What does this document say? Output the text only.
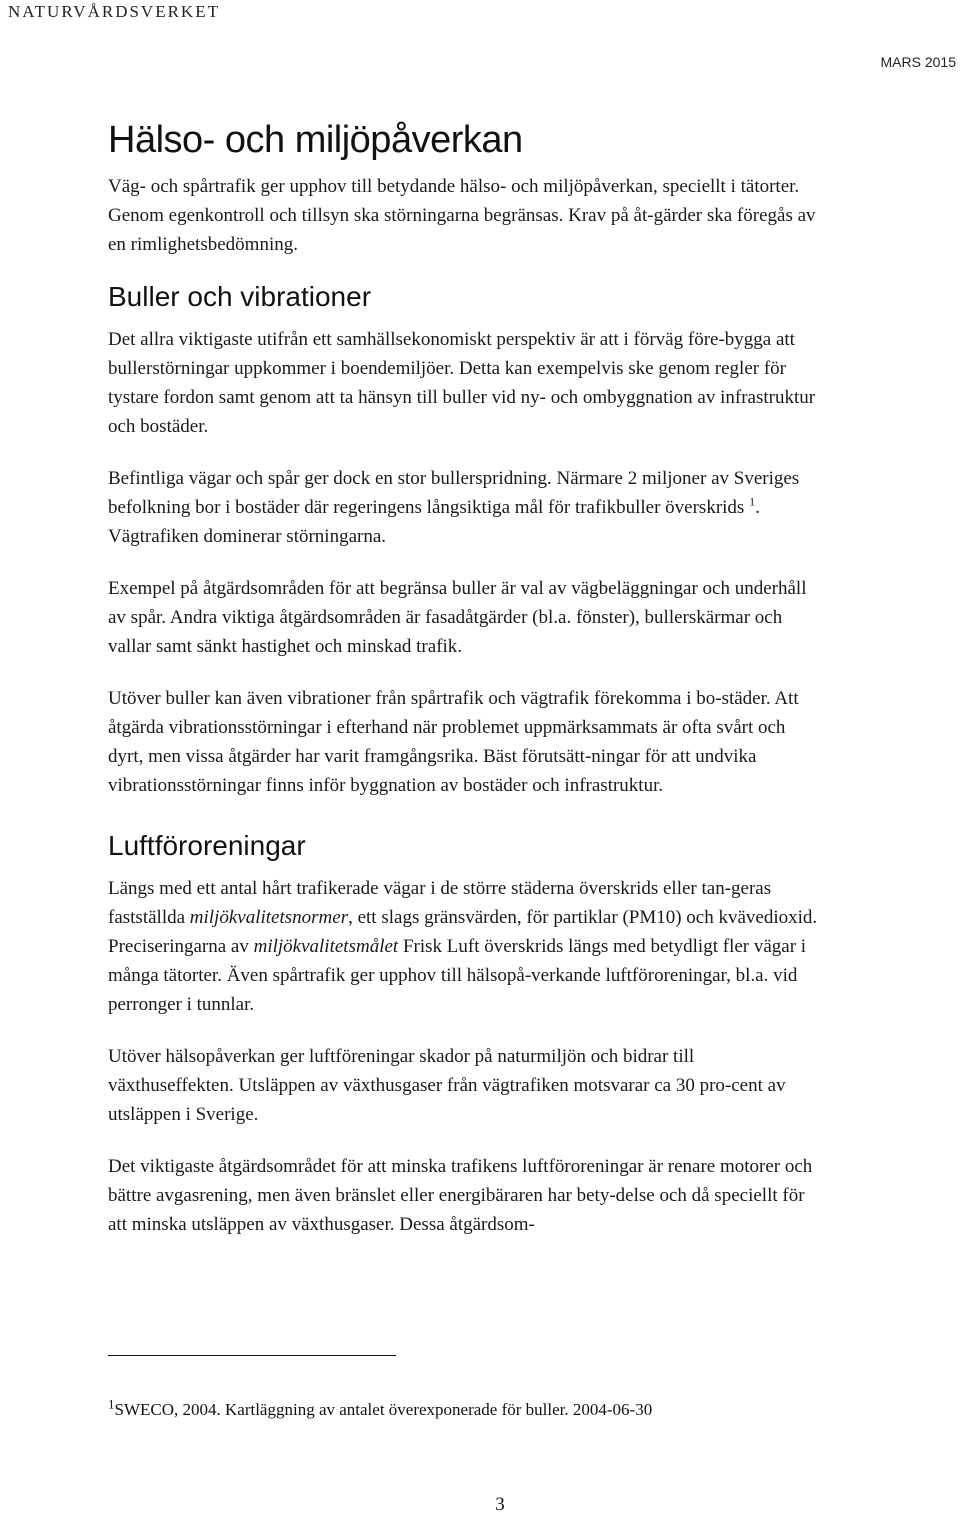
NATURVÅRDSVERKET
MARS 2015
Hälso- och miljöpåverkan

Väg- och spårtrafik ger upphov till betydande hälso- och miljöpåverkan, speciellt i tätorter. Genom egenkontroll och tillsyn ska störningarna begränsas. Krav på åt-gärder ska föregås av en rimlighetsbedömning.

Buller och vibrationer

Det allra viktigaste utifrån ett samhällsekonomiskt perspektiv är att i förväg före-bygga att bullerstörningar uppkommer i boendemiljöer. Detta kan exempelvis ske genom regler för tystare fordon samt genom att ta hänsyn till buller vid ny- och ombyggnation av infrastruktur och bostäder.

Befintliga vägar och spår ger dock en stor bullerspridning. Närmare 2 miljoner av Sveriges befolkning bor i bostäder där regeringens långsiktiga mål för trafikbuller överskrids $^1$. Vägtrafiken dominerar störningarna.

Exempel på åtgärdsområden för att begränsa buller är val av vägbeläggningar och underhåll av spår. Andra viktiga åtgärdsområden är fasadåtgärder (bl.a. fönster), bullerskärmar och vallar samt sänkt hastighet och minskad trafik.

Utöver buller kan även vibrationer från spårtrafik och vägtrafik förekomma i bo-städer. Att åtgärda vibrationsstörningar i efterhand när problemet uppmärksammats är ofta svårt och dyrt, men vissa åtgärder har varit framgångsrika. Bäst förutsätt-ningar för att undvika vibrationsstörningar finns inför byggnation av bostäder och infrastruktur.

Luftföroreningar

Längs med ett antal hårt trafikerade vägar i de större städerna överskrids eller tan-geras fastställda miljökvalitetsnormer, ett slags gränsvärden, för partiklar (PM10) och kvävedioxid. Preciseringarna av miljökvalitetsmålet Frisk Luft överskrids längs med betydligt fler vägar i många tätorter. Även spårtrafik ger upphov till hälsopå-verkande luftföroreningar, bl.a. vid perronger i tunnlar.

Utöver hälsopåverkan ger luftföreningar skador på naturmiljön och bidrar till växthuseffekten. Utsläppen av växthusgaser från vägtrafiken motsvarar ca 30 pro-cent av utsläppen i Sverige.

Det viktigaste åtgärdsområdet för att minska trafikens luftföroreningar är renare motorer och bättre avgasrening, men även bränslet eller energibäraren har bety-delse och då speciellt för att minska utsläppen av växthusgaser. Dessa åtgärdsom-

$^1$SWECO, 2004. Kartläggning av antalet överexponerade för buller. 2004-06-30
3
